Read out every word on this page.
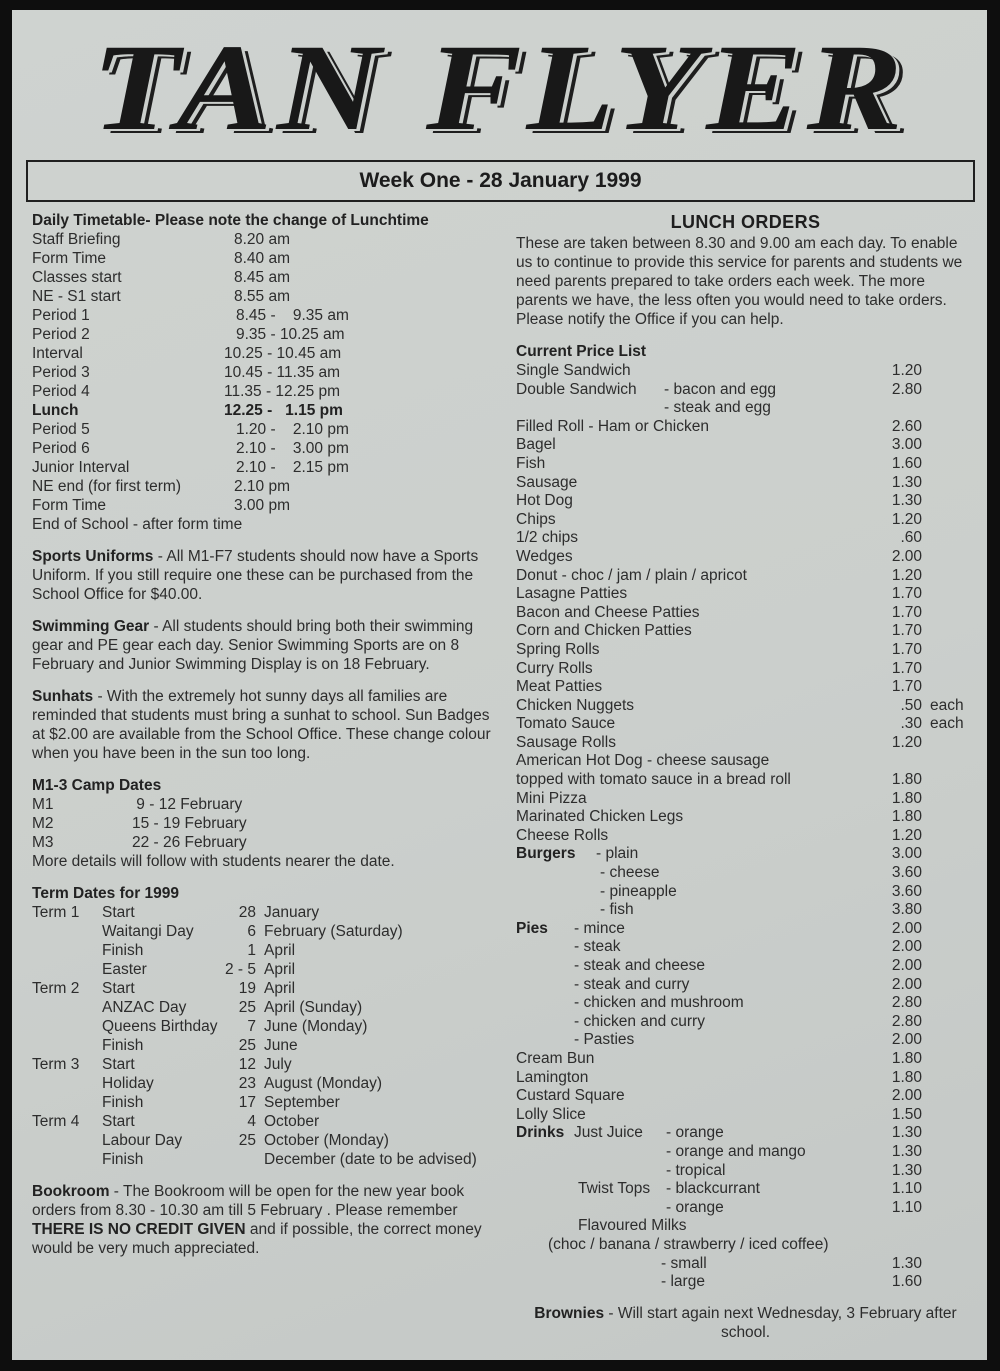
TAN FLYER
Week One - 28 January 1999
Daily Timetable- Please note the change of Lunchtime
Staff Briefing	8.20 am
Form Time	8.40 am
Classes start	8.45 am
NE - S1 start	8.55 am
Period 1	8.45 -    9.35 am
Period 2	9.35 - 10.25 am
Interval	10.25 - 10.45 am
Period 3	10.45 - 11.35 am
Period 4	11.35 - 12.25 pm
Lunch	12.25 -   1.15 pm
Period 5	1.20 -    2.10 pm
Period 6	2.10 -    3.00 pm
Junior Interval	2.10 -    2.15 pm
NE end (for first term)	2.10 pm
Form Time	3.00 pm
End of School - after form time

Sports Uniforms - All M1-F7 students should now have a Sports Uniform. If you still require one these can be purchased from the School Office for $40.00.

Swimming Gear - All students should bring both their swimming gear and PE gear each day. Senior Swimming Sports are on 8 February and Junior Swimming Display is on 18 February.

Sunhats - With the extremely hot sunny days all families are reminded that students must bring a sunhat to school. Sun Badges at $2.00 are available from the School Office. These change colour when you have been in the sun too long.

M1-3 Camp Dates
M1	9 - 12 February
M2	15 - 19 February
M3	22 - 26 February
More details will follow with students nearer the date.
Term Dates for 1999
Term 1 Start	28 January
Waitangi Day	6 February (Saturday)
Finish	1 April
Easter	2 - 5 April
Term 2 Start	19 April
ANZAC Day	25 April (Sunday)
Queens Birthday	7 June (Monday)
Finish	25 June
Term 3 Start	12 July
Holiday	23 August (Monday)
Finish	17 September
Term 4 Start	4 October
Labour Day	25 October (Monday)
Finish	December (date to be advised)

Bookroom - The Bookroom will be open for the new year book orders from 8.30 - 10.30 am till 5 February . Please remember THERE IS NO CREDIT GIVEN and if possible, the correct money would be very much appreciated.

LUNCH ORDERS

These are taken between 8.30 and 9.00 am each day. To enable us to continue to provide this service for parents and students we need parents prepared to take orders each week. The more parents we have, the less often you would need to take orders. Please notify the Office if you can help.

Current Price List
Single Sandwich	1.20
Double Sandwich - bacon and egg	2.80
- steak and egg
Filled Roll - Ham or Chicken	2.60
Bagel	3.00
Fish	1.60
Sausage	1.30
Hot Dog	1.30
Chips	1.20
1/2 chips	.60
Wedges	2.00
Donut - choc / jam / plain / apricot	1.20
Lasagne Patties	1.70
Bacon and Cheese Patties	1.70
Corn and Chicken Patties	1.70
Spring Rolls	1.70
Curry Rolls	1.70
Meat Patties	1.70
Chicken Nuggets	.50 each
Tomato Sauce	.30 each
Sausage Rolls	1.20
American Hot Dog - cheese sausage
topped with tomato sauce in a bread roll	1.80
Mini Pizza	1.80
Marinated Chicken Legs	1.80
Cheese Rolls	1.20
Burgers - plain	3.00
- cheese	3.60
- pineapple	3.60
- fish	3.80
Pies - mince	2.00
- steak	2.00
- steak and cheese	2.00
- steak and curry	2.00
- chicken and mushroom	2.80
- chicken and curry	2.80
- Pasties	2.00
Cream Bun	1.80
Lamington	1.80
Custard Square	2.00
Lolly Slice	1.50
Drinks Just Juice - orange	1.30
- orange and mango	1.30
- tropical	1.30
Twist Tops - blackcurrant	1.10
- orange	1.10
Flavoured Milks
(choc / banana / strawberry / iced coffee)
- small	1.30
- large	1.60

Brownies - Will start again next Wednesday, 3 February after school.
